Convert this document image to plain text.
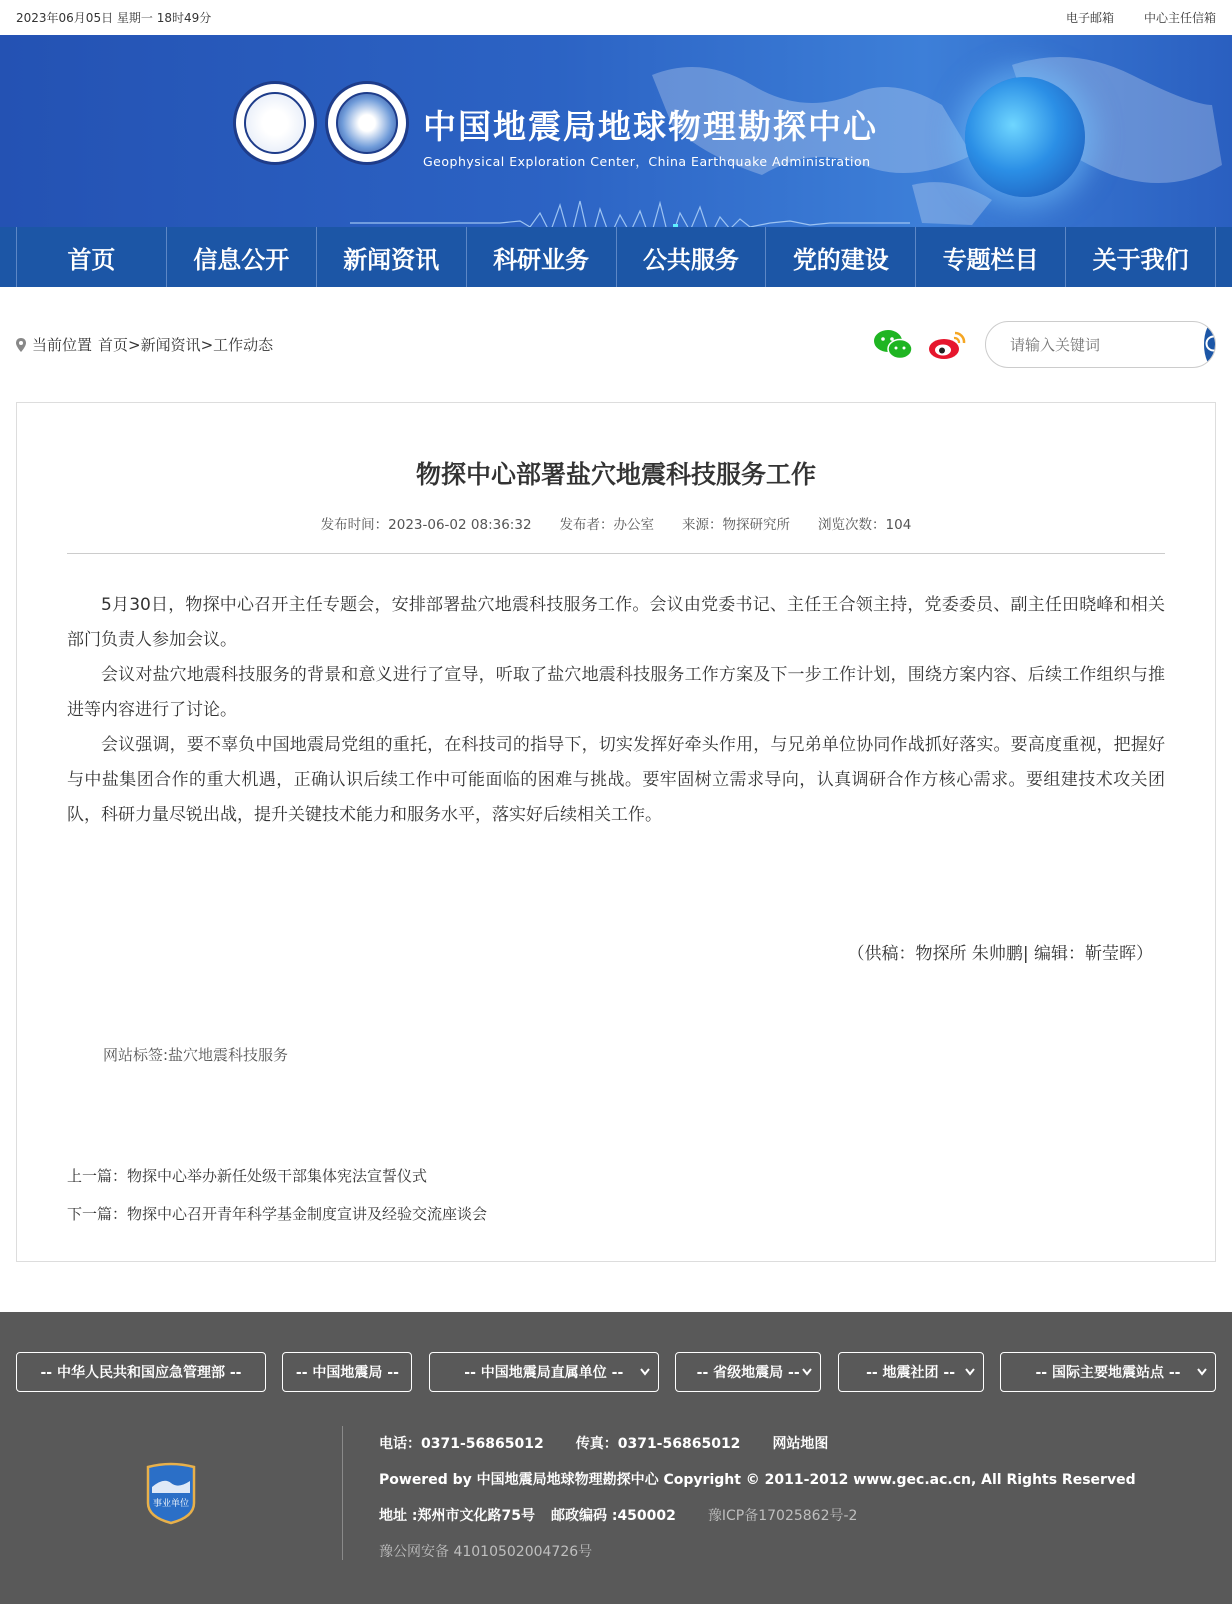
2023年06月05日 星期一 18时49分	电子邮箱	中心主任信箱
中国地震局地球物理勘探中心
Geophysical Exploration Center，China Earthquake Administration
首页	信息公开	新闻资讯	科研业务	公共服务	党的建设	专题栏目	关于我们
当前位置 首页>新闻资讯>工作动态
请输入关键词
物探中心部署盐穴地震科技服务工作
发布时间：2023-06-02 08:36:32 发布者：办公室 来源：物探研究所 浏览次数：104

5月30日，物探中心召开主任专题会，安排部署盐穴地震科技服务工作。会议由党委书记、主任王合领主持，党委委员、副主任田晓峰和相关部门负责人参加会议。

会议对盐穴地震科技服务的背景和意义进行了宣导，听取了盐穴地震科技服务工作方案及下一步工作计划，围绕方案内容、后续工作组织与推进等内容进行了讨论。

会议强调，要不辜负中国地震局党组的重托，在科技司的指导下，切实发挥好牵头作用，与兄弟单位协同作战抓好落实。要高度重视，把握好与中盐集团合作的重大机遇，正确认识后续工作中可能面临的困难与挑战。要牢固树立需求导向，认真调研合作方核心需求。要组建技术攻关团队，科研力量尽锐出战，提升关键技术能力和服务水平，落实好后续相关工作。

（供稿：物探所 朱帅鹏| 编辑：靳莹晖）
网站标签:盐穴地震科技服务
上一篇：物探中心举办新任处级干部集体宪法宣誓仪式
下一篇：物探中心召开青年科学基金制度宣讲及经验交流座谈会
-- 中华人民共和国应急管理部 --	-- 中国地震局 --	-- 中国地震局直属单位 --	-- 省级地震局 --	-- 地震社团 --	-- 国际主要地震站点 --
事业单位
电话：0371-56865012 传真：0371-56865012 网站地图
Powered by 中国地震局地球物理勘探中心 Copyright © 2011-2012 www.gec.ac.cn, All Rights Reserved
地址 :郑州市文化路75号 邮政编码 :450002 豫ICP备17025862号-2
豫公网安备 41010502004726号
